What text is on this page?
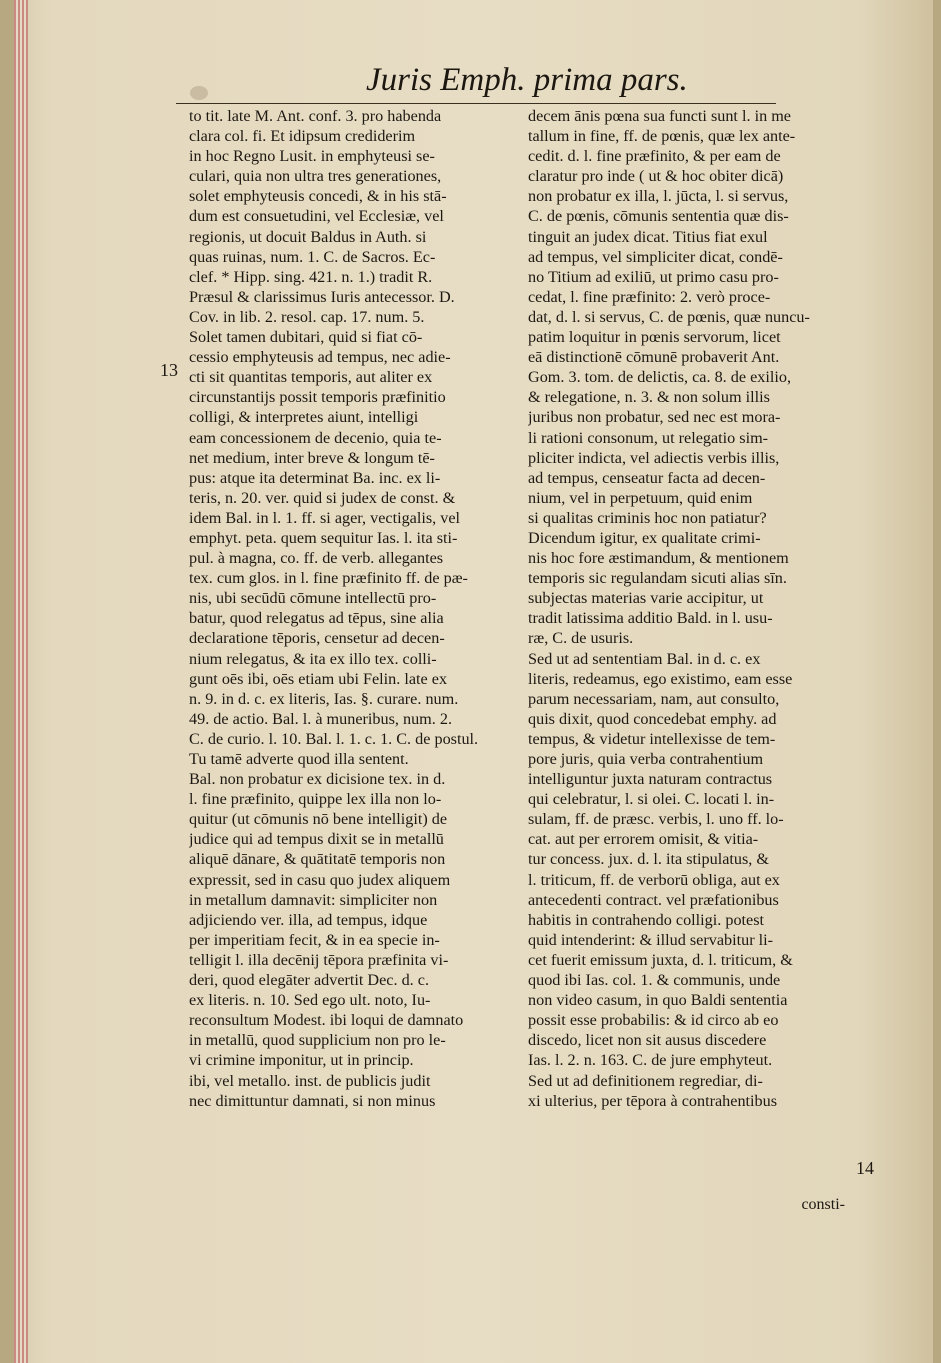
Juris Emph. prima pars.
13
14

to tit. late M. Ant. conf. 3. pro habenda

clara col. fi. Et idipsum crediderim

in hoc Regno Lusit. in emphyteusi se-

culari, quia non ultra tres generationes,

solet emphyteusis concedi, & in his stā-

dum est consuetudini, vel Ecclesiæ, vel

regionis, ut docuit Baldus in Auth. si

quas ruinas, num. 1. C. de Sacros. Ec-

clef. * Hipp. sing. 421. n. 1.) tradit R.

Præsul & clarissimus Iuris antecessor. D.

Cov. in lib. 2. resol. cap. 17. num. 5.

Solet tamen dubitari, quid si fiat cō-

cessio emphyteusis ad tempus, nec adie-

cti sit quantitas temporis, aut aliter ex

circunstantijs possit temporis præfinitio

colligi, & interpretes aiunt, intelligi

eam concessionem de decenio, quia te-

net medium, inter breve & longum tē-

pus: atque ita determinat Ba. inc. ex li-

teris, n. 20. ver. quid si judex de const. &

idem Bal. in l. 1. ff. si ager, vectigalis, vel

emphyt. peta. quem sequitur Ias. l. ita sti-

pul. à magna, co. ff. de verb. allegantes

tex. cum glos. in l. fine præfinito ff. de pæ-

nis, ubi secūdū cōmune intellectū pro-

batur, quod relegatus ad tēpus, sine alia

declaratione tēporis, censetur ad decen-

nium relegatus, & ita ex illo tex. colli-

gunt oēs ibi, oēs etiam ubi Felin. late ex

n. 9. in d. c. ex literis, Ias. §. curare. num.

49. de actio. Bal. l. à muneribus, num. 2.

C. de curio. l. 10. Bal. l. 1. c. 1. C. de postul.

Tu tamē adverte quod illa sentent.

Bal. non probatur ex dicisione tex. in d.

l. fine præfinito, quippe lex illa non lo-

quitur (ut cōmunis nō bene intelligit) de

judice qui ad tempus dixit se in metallū

aliquē dānare, & quātitatē temporis non

expressit, sed in casu quo judex aliquem

in metallum damnavit: simpliciter non

adjiciendo ver. illa, ad tempus, idque

per imperitiam fecit, & in ea specie in-

telligit l. illa decēnij tēpora præfinita vi-

deri, quod elegāter advertit Dec. d. c.

ex literis. n. 10. Sed ego ult. noto, Iu-

reconsultum Modest. ibi loqui de damnato

in metallū, quod supplicium non pro le-

vi crimine imponitur, ut in princip.

ibi, vel metallo. inst. de publicis judit

nec dimittuntur damnati, si non minus

decem ānis pœna sua functi sunt l. in me

tallum in fine, ff. de pœnis, quæ lex ante-

cedit. d. l. fine præfinito, & per eam de

claratur pro inde ( ut & hoc obiter dicā)

non probatur ex illa, l. jūcta, l. si servus,

C. de pœnis, cōmunis sententia quæ dis-

tinguit an judex dicat. Titius fiat exul

ad tempus, vel simpliciter dicat, condē-

no Titium ad exiliū, ut primo casu pro-

cedat, l. fine præfinito: 2. verò proce-

dat, d. l. si servus, C. de pœnis, quæ nuncu-

patim loquitur in pœnis servorum, licet

eā distinctionē cōmunē probaverit Ant.

Gom. 3. tom. de delictis, ca. 8. de exilio,

& relegatione, n. 3. & non solum illis

juribus non probatur, sed nec est mora-

li rationi consonum, ut relegatio sim-

pliciter indicta, vel adiectis verbis illis,

ad tempus, censeatur facta ad decen-

nium, vel in perpetuum, quid enim

si qualitas criminis hoc non patiatur?

Dicendum igitur, ex qualitate crimi-

nis hoc fore æstimandum, & mentionem

temporis sic regulandam sicuti alias sīn.

subjectas materias varie accipitur, ut

tradit latissima additio Bald. in l. usu-

ræ, C. de usuris.

Sed ut ad sententiam Bal. in d. c. ex

literis, redeamus, ego existimo, eam esse

parum necessariam, nam, aut consulto,

quis dixit, quod concedebat emphy. ad

tempus, & videtur intellexisse de tem-

pore juris, quia verba contrahentium

intelliguntur juxta naturam contractus

qui celebratur, l. si olei. C. locati l. in-

sulam, ff. de præsc. verbis, l. uno ff. lo-

cat. aut per errorem omisit, & vitia-

tur concess. jux. d. l. ita stipulatus, &

l. triticum, ff. de verborū obliga, aut ex

antecedenti contract. vel præfationibus

habitis in contrahendo colligi. potest

quid intenderint: & illud servabitur li-

cet fuerit emissum juxta, d. l. triticum, &

quod ibi Ias. col. 1. & communis, unde

non video casum, in quo Baldi sententia

possit esse probabilis: & id circo ab eo

discedo, licet non sit ausus discedere

Ias. l. 2. n. 163. C. de jure emphyteut.

Sed ut ad definitionem regrediar, di-

xi ulterius, per tēpora à contrahentibus

consti-
